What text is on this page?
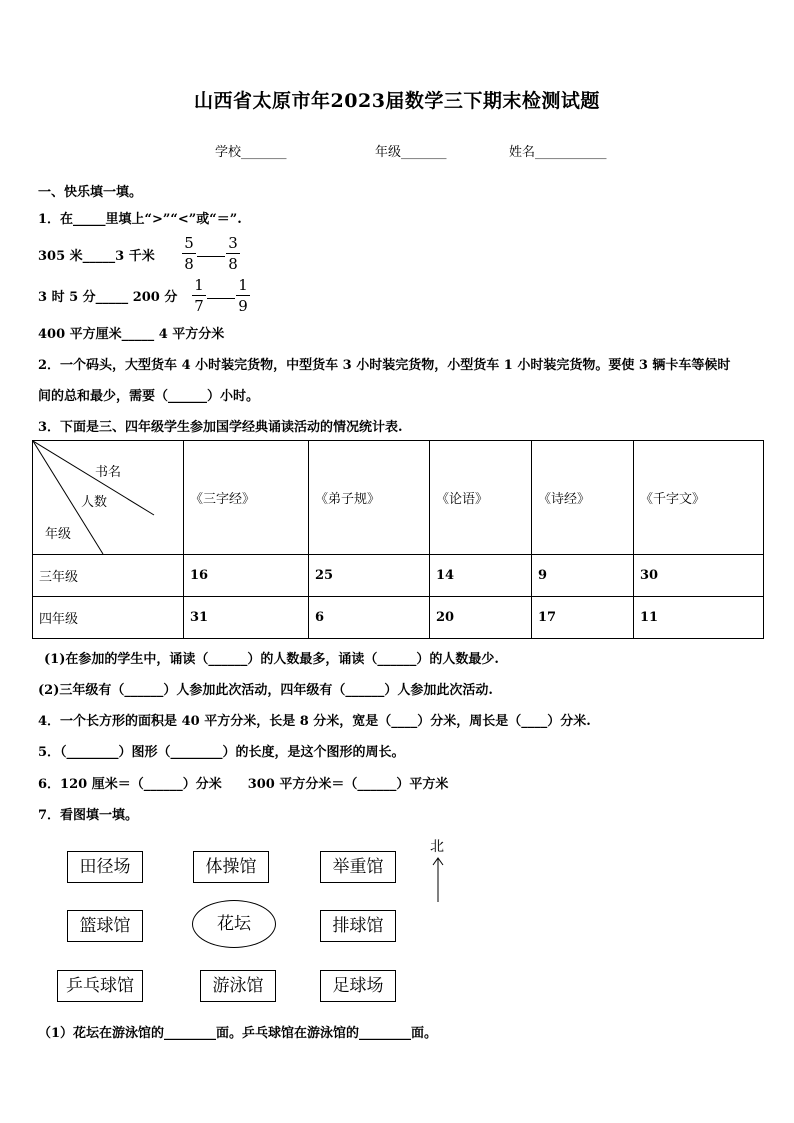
山西省太原市年2023届数学三下期末检测试题
学校_______	年级_______	姓名___________
一、快乐填一填。
1．在_____里填上“>”“<”或“＝”.
305 米_____3 千米
5
8
3
8
3 时 5 分_____ 200 分
1
7
1
9
400 平方厘米_____ 4 平方分米
2．一个码头，大型货车 4 小时装完货物，中型货车 3 小时装完货物，小型货车 1 小时装完货物。要使 3 辆卡车等候时
间的总和最少，需要（______）小时。
3．下面是三、四年级学生参加国学经典诵读活动的情况统计表.
书名
人数
年级	《三字经》	《弟子规》	《论语》	《诗经》	《千字文》
三年级	16	25	14	9	30
四年级	31	6	20	17	11
(1)在参加的学生中，诵读（______）的人数最多，诵读（______）的人数最少.
(2)三年级有（______）人参加此次活动，四年级有（______）人参加此次活动.
4．一个长方形的面积是 40 平方分米，长是 8 分米，宽是（____）分米，周长是（____）分米.
5．（________）图形（________）的长度，是这个图形的周长。
6．120 厘米＝（______）分米　　300 平方分米＝（______）平方米
7．看图填一填。
北
田径场	体操馆	举重馆
篮球馆	花坛	排球馆
乒乓球馆	游泳馆	足球场
（1）花坛在游泳馆的________面。乒乓球馆在游泳馆的________面。
